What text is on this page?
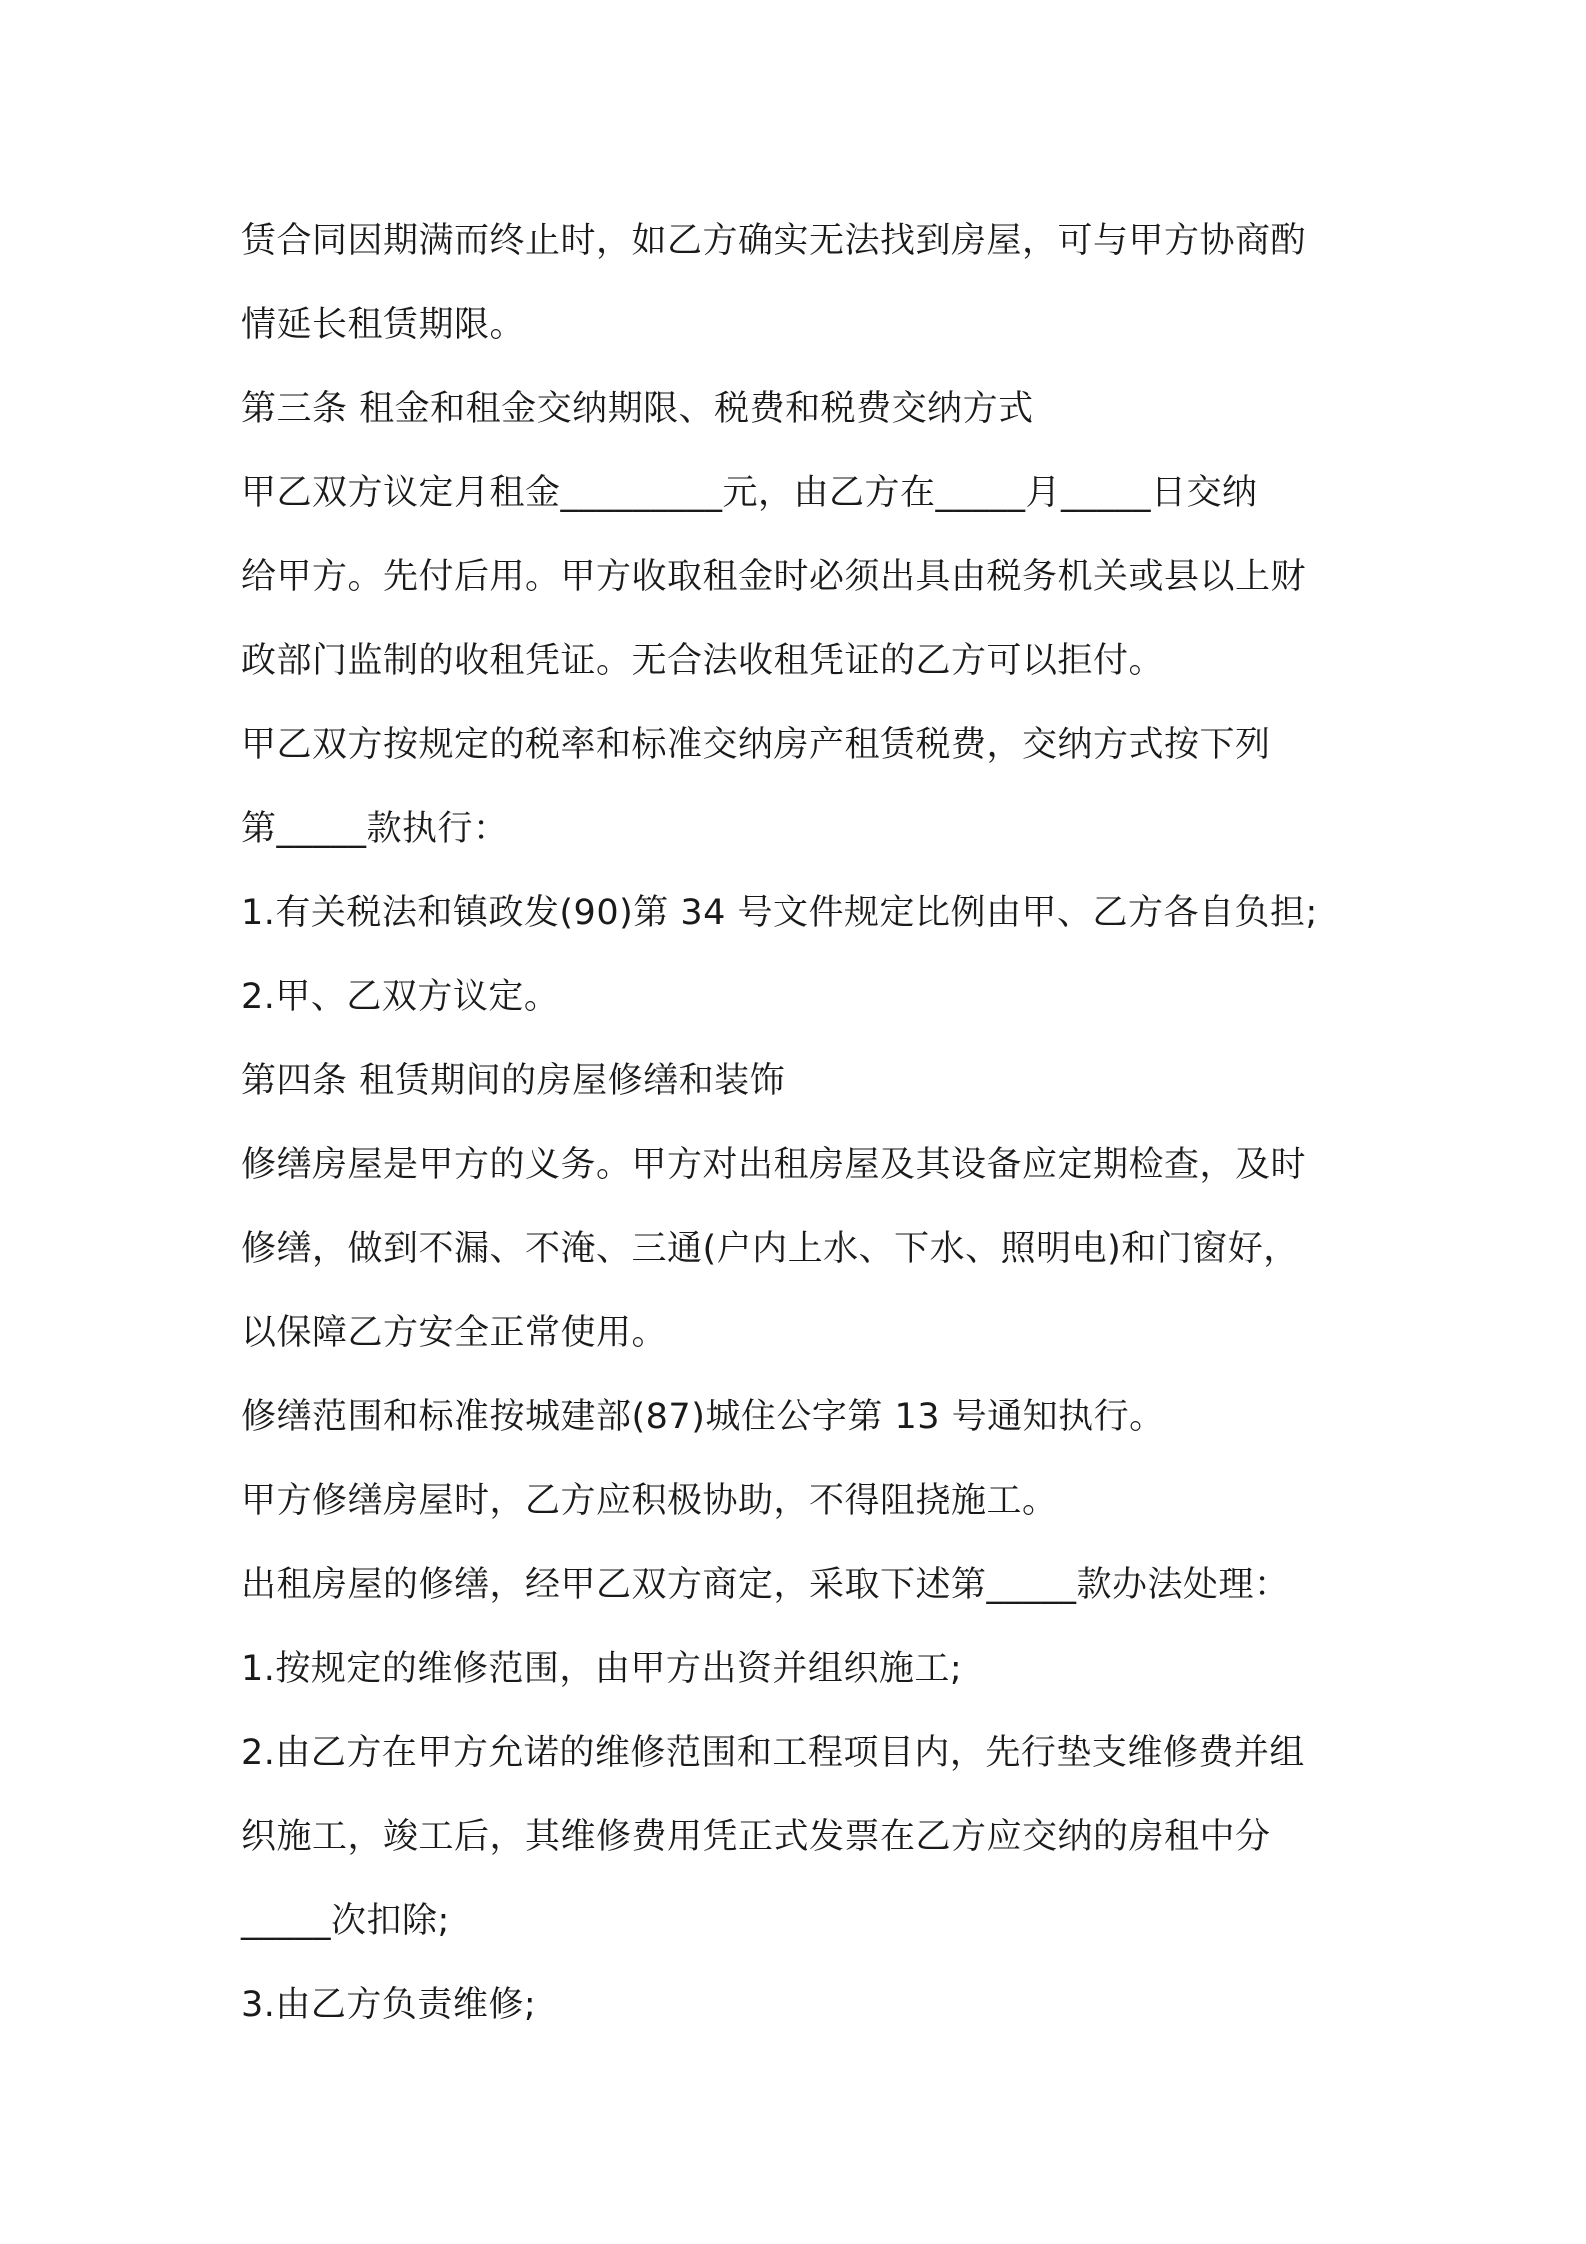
赁合同因期满而终止时，如乙方确实无法找到房屋，可与甲方协商酌
情延长租赁期限。
第三条 租金和租金交纳期限、税费和税费交纳方式
甲乙双方议定月租金_________元，由乙方在_____月_____日交纳
给甲方。先付后用。甲方收取租金时必须出具由税务机关或县以上财
政部门监制的收租凭证。无合法收租凭证的乙方可以拒付。
甲乙双方按规定的税率和标准交纳房产租赁税费，交纳方式按下列
第_____款执行：
1.有关税法和镇政发(90)第 34 号文件规定比例由甲、乙方各自负担;
2.甲、乙双方议定。
第四条 租赁期间的房屋修缮和装饰
修缮房屋是甲方的义务。甲方对出租房屋及其设备应定期检查，及时
修缮，做到不漏、不淹、三通(户内上水、下水、照明电)和门窗好，
以保障乙方安全正常使用。
修缮范围和标准按城建部(87)城住公字第 13 号通知执行。
甲方修缮房屋时，乙方应积极协助，不得阻挠施工。
出租房屋的修缮，经甲乙双方商定，采取下述第_____款办法处理：
1.按规定的维修范围，由甲方出资并组织施工;
2.由乙方在甲方允诺的维修范围和工程项目内，先行垫支维修费并组
织施工，竣工后，其维修费用凭正式发票在乙方应交纳的房租中分
_____次扣除;
3.由乙方负责维修;
